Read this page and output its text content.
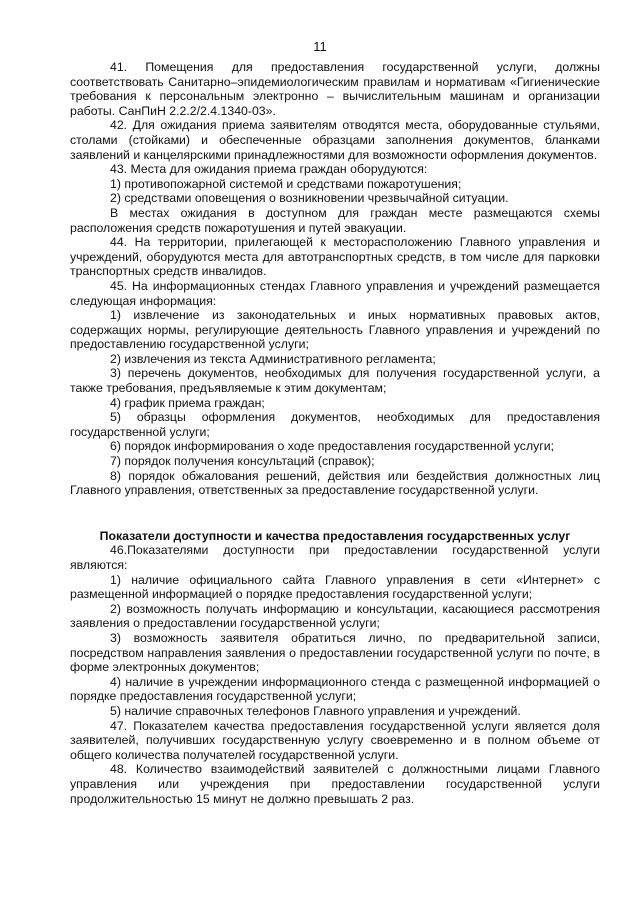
11

41. Помещения для предоставления государственной услуги, должны соответствовать Санитарно–эпидемиологическим правилам и нормативам «Гигиенические требования к персональным электронно – вычислительным машинам и организации работы. СанПиН 2.2.2/2.4.1340-03».

42. Для ожидания приема заявителям отводятся места, оборудованные стульями, столами (стойками) и обеспеченные образцами заполнения документов, бланками заявлений и канцелярскими принадлежностями для возможности оформления документов.

43. Места для ожидания приема граждан оборудуются:

1) противопожарной системой и средствами пожаротушения;

2) средствами оповещения о возникновении чрезвычайной ситуации.

В местах ожидания в доступном для граждан месте размещаются схемы расположения средств пожаротушения и путей эвакуации.

44. На территории, прилегающей к месторасположению Главного управления и учреждений, оборудуются места для автотранспортных средств, в том числе для парковки транспортных средств инвалидов.

45. На информационных стендах Главного управления и учреждений размещается следующая информация:

1) извлечение из законодательных и иных нормативных правовых актов, содержащих нормы, регулирующие деятельность Главного управления и учреждений по предоставлению государственной услуги;

2) извлечения из текста Административного регламента;

3) перечень документов, необходимых для получения государственной услуги, а также требования, предъявляемые к этим документам;

4) график приема граждан;

5) образцы оформления документов, необходимых для предоставления государственной услуги;

6) порядок информирования о ходе предоставления государственной услуги;

7) порядок получения консультаций (справок);

8) порядок обжалования решений, действия или бездействия должностных лиц Главного управления, ответственных за предоставление государственной услуги.

Показатели доступности и качества предоставления государственных услуг

46.Показателями доступности при предоставлении государственной услуги являются:

1) наличие официального сайта Главного управления в сети «Интернет» с размещенной информацией о порядке предоставления государственной услуги;

2) возможность получать информацию и консультации, касающиеся рассмотрения заявления о предоставлении государственной услуги;

3) возможность заявителя обратиться лично, по предварительной записи, посредством направления заявления о предоставлении государственной услуги по почте, в форме электронных документов;

4) наличие в учреждении информационного стенда с размещенной информацией о порядке предоставления государственной услуги;

5) наличие справочных телефонов Главного управления и учреждений.

47. Показателем качества предоставления государственной услуги является доля заявителей, получивших государственную услугу своевременно и в полном объеме от общего количества получателей государственной услуги.

48. Количество взаимодействий заявителей с должностными лицами Главного управления или учреждения при предоставлении государственной услуги продолжительностью 15 минут не должно превышать 2 раз.
